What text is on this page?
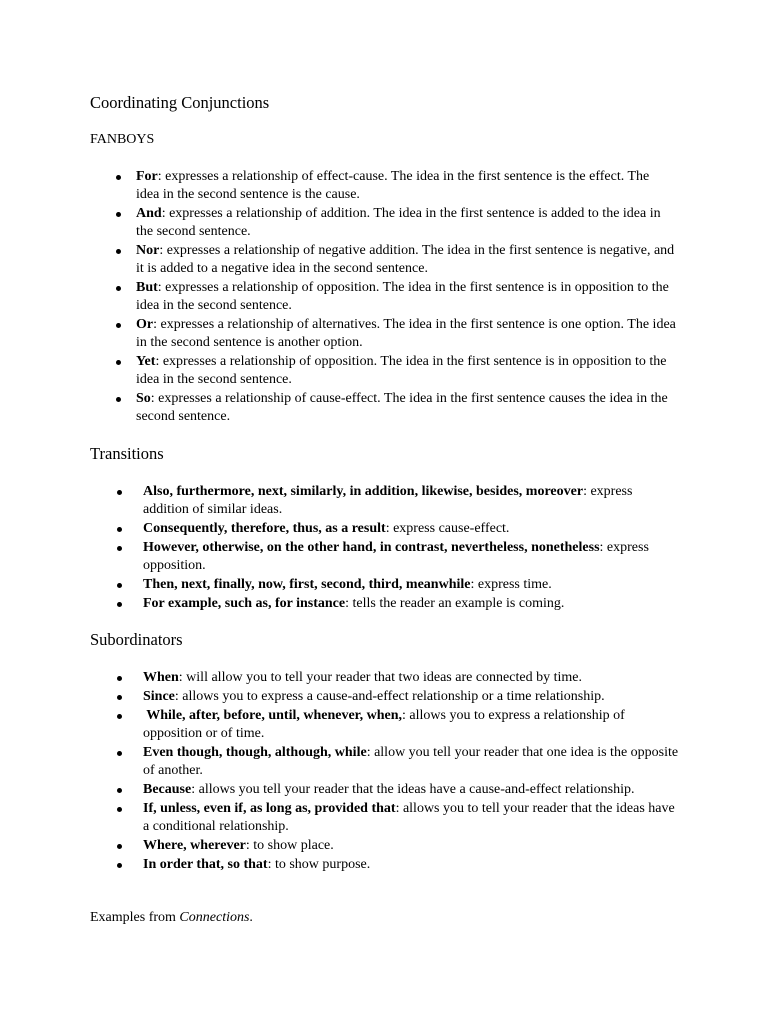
Coordinating Conjunctions
FANBOYS
For: expresses a relationship of effect-cause. The idea in the first sentence is the effect. The idea in the second sentence is the cause.
And: expresses a relationship of addition. The idea in the first sentence is added to the idea in the second sentence.
Nor: expresses a relationship of negative addition. The idea in the first sentence is negative, and it is added to a negative idea in the second sentence.
But: expresses a relationship of opposition. The idea in the first sentence is in opposition to the idea in the second sentence.
Or: expresses a relationship of alternatives. The idea in the first sentence is one option. The idea in the second sentence is another option.
Yet: expresses a relationship of opposition. The idea in the first sentence is in opposition to the idea in the second sentence.
So: expresses a relationship of cause-effect. The idea in the first sentence causes the idea in the second sentence.
Transitions
Also, furthermore, next, similarly, in addition, likewise, besides, moreover: express addition of similar ideas.
Consequently, therefore, thus, as a result: express cause-effect.
However, otherwise, on the other hand, in contrast, nevertheless, nonetheless: express opposition.
Then, next, finally, now, first, second, third, meanwhile: express time.
For example, such as, for instance: tells the reader an example is coming.
Subordinators
When: will allow you to tell your reader that two ideas are connected by time.
Since: allows you to express a cause-and-effect relationship or a time relationship.
While, after, before, until, whenever, when,: allows you to express a relationship of opposition or of time.
Even though, though, although, while: allow you tell your reader that one idea is the opposite of another.
Because: allows you tell your reader that the ideas have a cause-and-effect relationship.
If, unless, even if, as long as, provided that: allows you to tell your reader that the ideas have a conditional relationship.
Where, wherever: to show place.
In order that, so that: to show purpose.
Examples from Connections.
